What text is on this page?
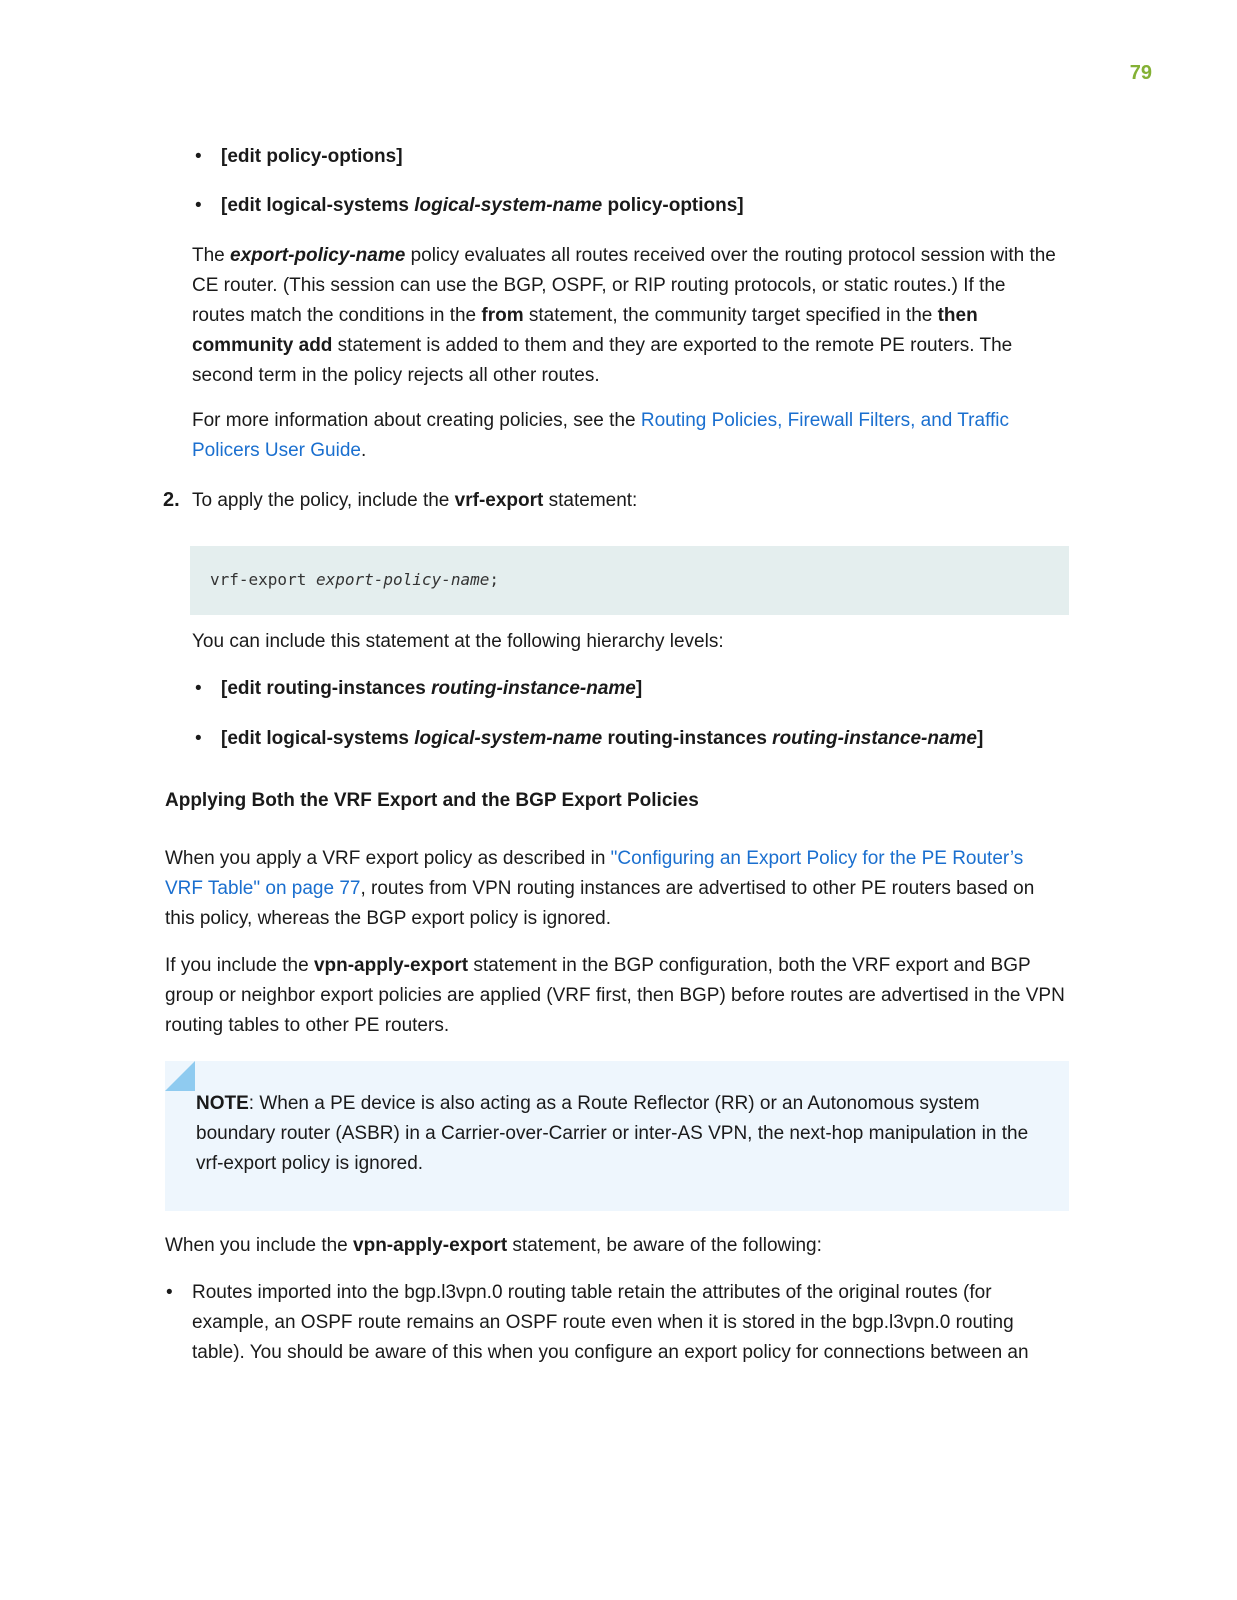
79
• [edit policy-options]
• [edit logical-systems logical-system-name policy-options]

The export-policy-name policy evaluates all routes received over the routing protocol session with the CE router. (This session can use the BGP, OSPF, or RIP routing protocols, or static routes.) If the routes match the conditions in the from statement, the community target specified in the then community add statement is added to them and they are exported to the remote PE routers. The second term in the policy rejects all other routes.

For more information about creating policies, see the Routing Policies, Firewall Filters, and Traffic Policers User Guide.

2. To apply the policy, include the vrf-export statement:

vrf-export export-policy-name;

You can include this statement at the following hierarchy levels:

• [edit routing-instances routing-instance-name]
• [edit logical-systems logical-system-name routing-instances routing-instance-name]
Applying Both the VRF Export and the BGP Export Policies

When you apply a VRF export policy as described in "Configuring an Export Policy for the PE Router’s VRF Table" on page 77, routes from VPN routing instances are advertised to other PE routers based on this policy, whereas the BGP export policy is ignored.

If you include the vpn-apply-export statement in the BGP configuration, both the VRF export and BGP group or neighbor export policies are applied (VRF first, then BGP) before routes are advertised in the VPN routing tables to other PE routers.

NOTE: When a PE device is also acting as a Route Reflector (RR) or an Autonomous system boundary router (ASBR) in a Carrier-over-Carrier or inter-AS VPN, the next-hop manipulation in the vrf-export policy is ignored.

When you include the vpn-apply-export statement, be aware of the following:

• Routes imported into the bgp.l3vpn.0 routing table retain the attributes of the original routes (for example, an OSPF route remains an OSPF route even when it is stored in the bgp.l3vpn.0 routing table). You should be aware of this when you configure an export policy for connections between an
